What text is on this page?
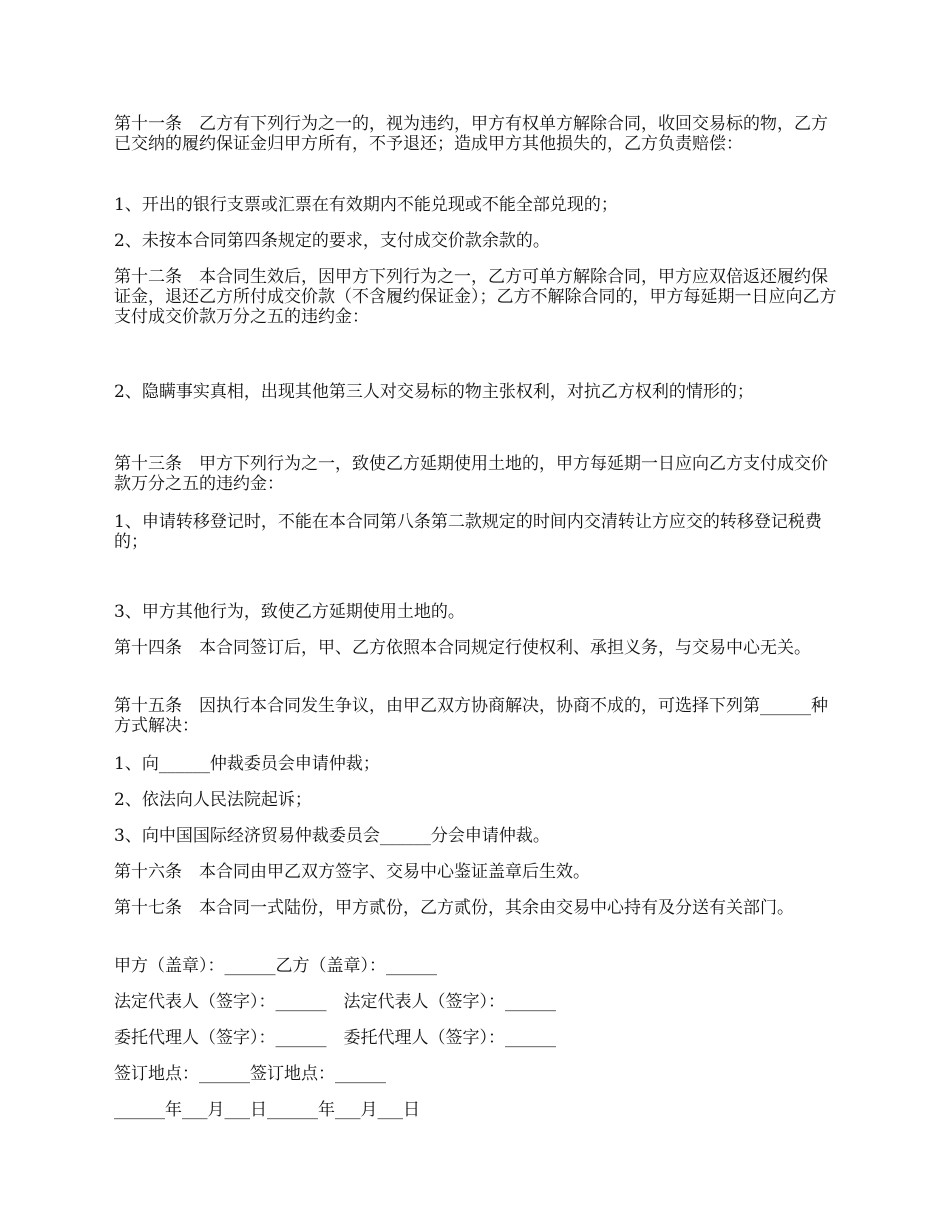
第十一条　乙方有下列行为之一的，视为违约，甲方有权单方解除合同，收回交易标的物，乙方已交纳的履约保证金归甲方所有，不予退还；造成甲方其他损失的，乙方负责赔偿：

1、开出的银行支票或汇票在有效期内不能兑现或不能全部兑现的；

2、未按本合同第四条规定的要求，支付成交价款余款的。

第十二条　本合同生效后，因甲方下列行为之一，乙方可单方解除合同，甲方应双倍返还履约保证金，退还乙方所付成交价款（不含履约保证金）；乙方不解除合同的，甲方每延期一日应向乙方支付成交价款万分之五的违约金：

2、隐瞒事实真相，出现其他第三人对交易标的物主张权利，对抗乙方权利的情形的；

第十三条　甲方下列行为之一，致使乙方延期使用土地的，甲方每延期一日应向乙方支付成交价款万分之五的违约金：

1、申请转移登记时，不能在本合同第八条第二款规定的时间内交清转让方应交的转移登记税费的；

3、甲方其他行为，致使乙方延期使用土地的。

第十四条　本合同签订后，甲、乙方依照本合同规定行使权利、承担义务，与交易中心无关。

第十五条　因执行本合同发生争议，由甲乙双方协商解决，协商不成的，可选择下列第______种方式解决：

1、向______仲裁委员会申请仲裁；

2、依法向人民法院起诉；

3、向中国国际经济贸易仲裁委员会______分会申请仲裁。

第十六条　本合同由甲乙双方签字、交易中心鉴证盖章后生效。

第十七条　本合同一式陆份，甲方贰份，乙方贰份，其余由交易中心持有及分送有关部门。

甲方（盖章）：______乙方（盖章）：______

法定代表人（签字）：______　法定代表人（签字）：______

委托代理人（签字）：______　委托代理人（签字）：______

签订地点：______签订地点：______

______年___月___日______年___月___日
